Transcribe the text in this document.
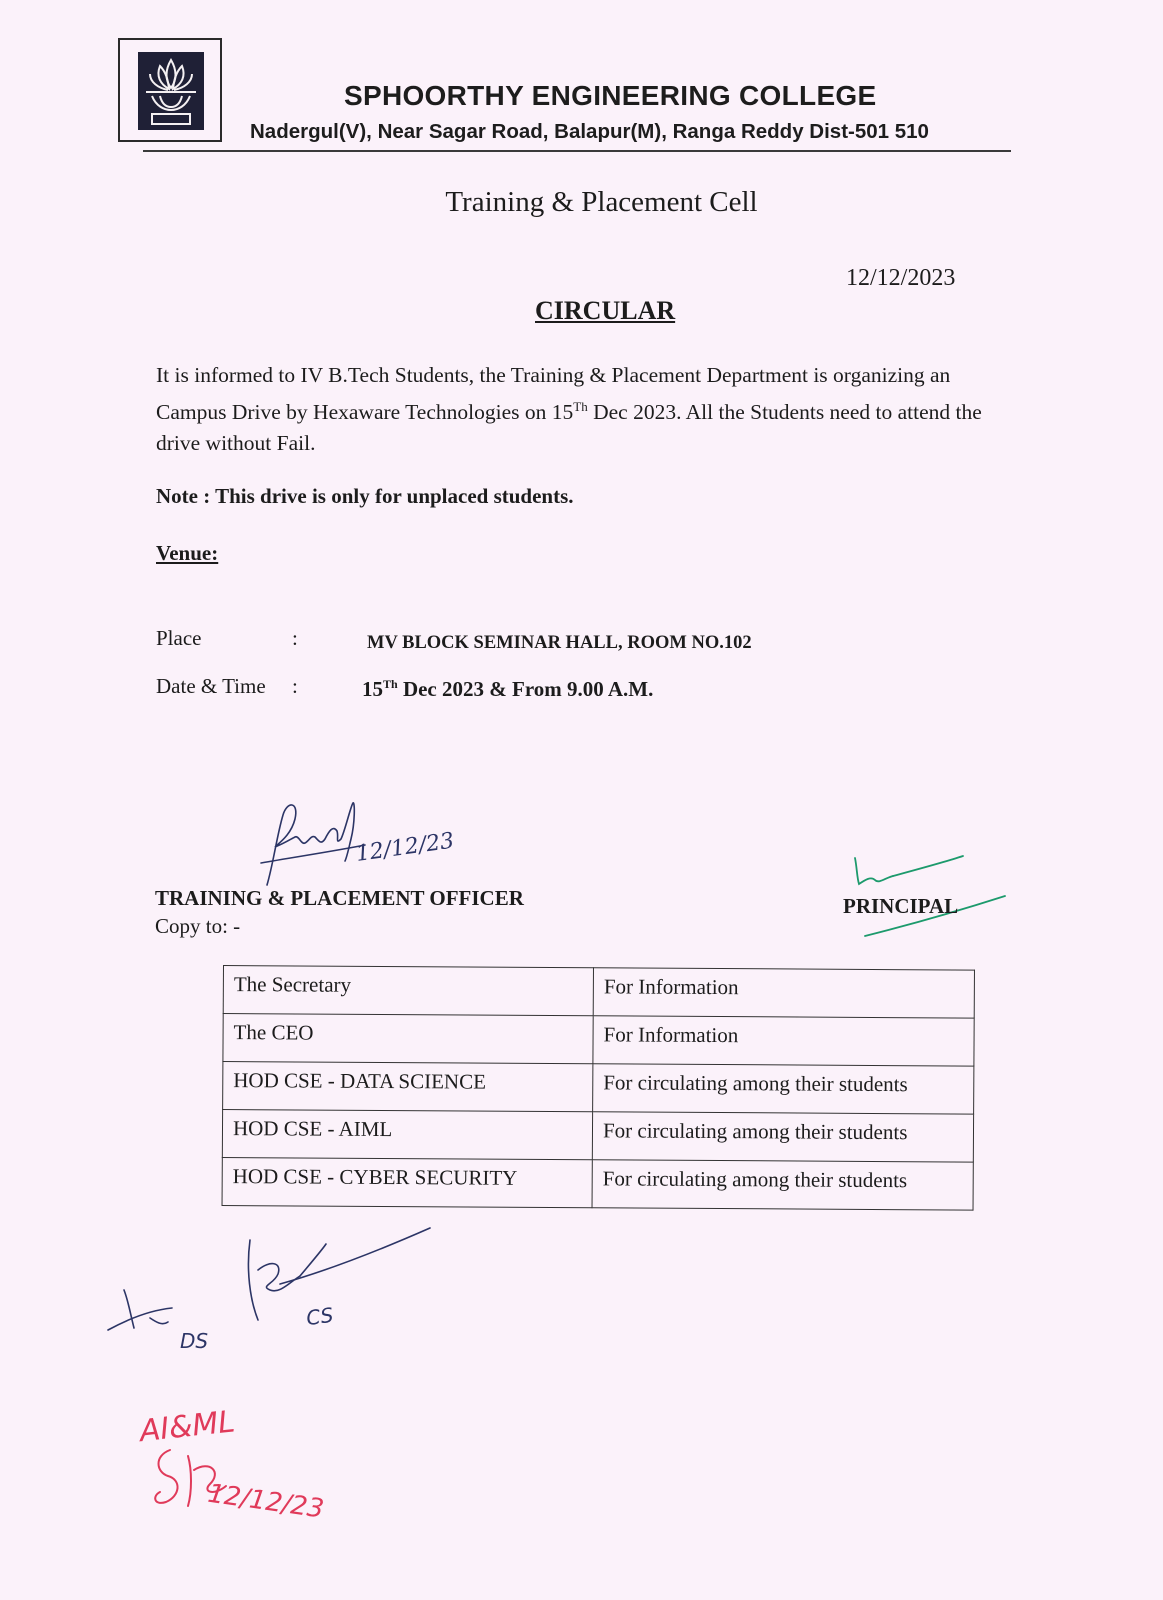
SPHOORTHY ENGINEERING COLLEGE
Nadergul(V), Near Sagar Road, Balapur(M), Ranga Reddy Dist-501 510
Training & Placement Cell
12/12/2023
CIRCULAR
It is informed to IV B.Tech Students, the Training & Placement Department is organizing an Campus Drive by Hexaware Technologies on 15Th Dec 2023. All the Students need to attend the drive without Fail.
Note : This drive is only for unplaced students.
Venue:
Place	:	MV BLOCK SEMINAR HALL, ROOM NO.102
Date & Time :	15Th Dec 2023 & From 9.00 A.M.
12/12/23
TRAINING & PLACEMENT OFFICER
Copy to: -
PRINCIPAL
The Secretary	For Information
The CEO	For Information
HOD CSE - DATA SCIENCE	For circulating among their students
HOD CSE - AIML	For circulating among their students
HOD CSE - CYBER SECURITY	For circulating among their students
DS
CS
AI&ML
12/12/23
